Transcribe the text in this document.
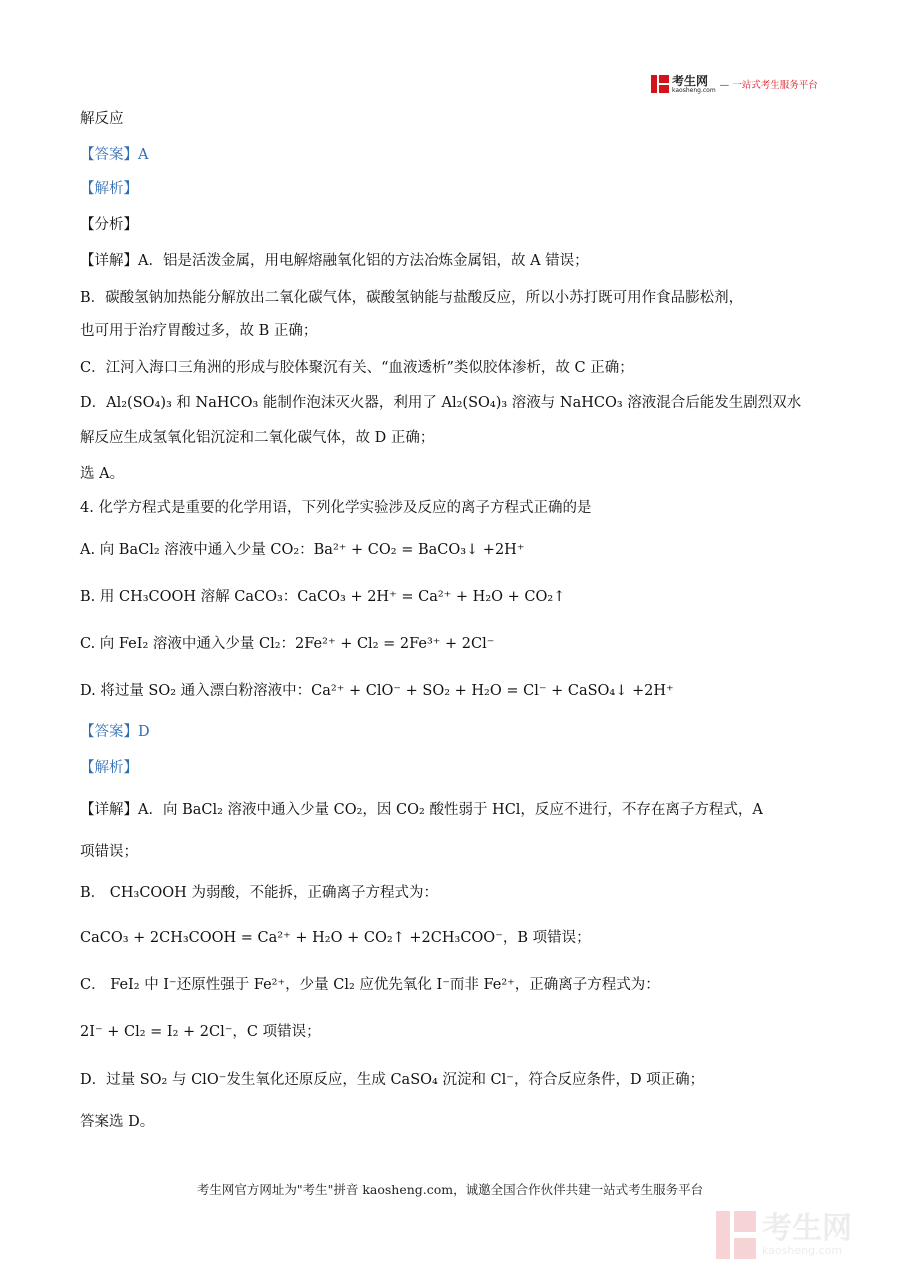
考生网
kaosheng.com — 一站式考生服务平台
解反应
【答案】A
【解析】
【分析】
【详解】A．铝是活泼金属，用电解熔融氧化铝的方法冶炼金属铝，故 A 错误；
B．碳酸氢钠加热能分解放出二氧化碳气体，碳酸氢钠能与盐酸反应，所以小苏打既可用作食品膨松剂，
也可用于治疗胃酸过多，故 B 正确；
C．江河入海口三角洲的形成与胶体聚沉有关、“血液透析”类似胶体渗析，故 C 正确；
D．Al₂(SO₄)₃ 和 NaHCO₃ 能制作泡沫灭火器，利用了 Al₂(SO₄)₃ 溶液与 NaHCO₃ 溶液混合后能发生剧烈双水
解反应生成氢氧化铝沉淀和二氧化碳气体，故 D 正确；
选 A。
4. 化学方程式是重要的化学用语，下列化学实验涉及反应的离子方程式正确的是
A. 向 BaCl₂ 溶液中通入少量 CO₂：Ba²⁺ + CO₂ = BaCO₃↓ +2H⁺
B. 用 CH₃COOH 溶解 CaCO₃：CaCO₃ + 2H⁺ = Ca²⁺ + H₂O + CO₂↑
C. 向 FeI₂ 溶液中通入少量 Cl₂：2Fe²⁺ + Cl₂ = 2Fe³⁺ + 2Cl⁻
D. 将过量 SO₂ 通入漂白粉溶液中：Ca²⁺ + ClO⁻ + SO₂ + H₂O = Cl⁻ + CaSO₄↓ +2H⁺
【答案】D
【解析】
【详解】A．向 BaCl₂ 溶液中通入少量 CO₂，因 CO₂ 酸性弱于 HCl，反应不进行，不存在离子方程式，A
项错误；
B． CH₃COOH 为弱酸，不能拆，正确离子方程式为：
CaCO₃ + 2CH₃COOH = Ca²⁺ + H₂O + CO₂↑ +2CH₃COO⁻，B 项错误；
C． FeI₂ 中 I⁻还原性强于 Fe²⁺，少量 Cl₂ 应优先氧化 I⁻而非 Fe²⁺，正确离子方程式为：
2I⁻ + Cl₂ = I₂ + 2Cl⁻，C 项错误；
D．过量 SO₂ 与 ClO⁻发生氧化还原反应，生成 CaSO₄ 沉淀和 Cl⁻，符合反应条件，D 项正确；
答案选 D。
考生网官方网址为"考生"拼音 kaosheng.com，诚邀全国合作伙伴共建一站式考生服务平台
考生网
kaosheng.com
